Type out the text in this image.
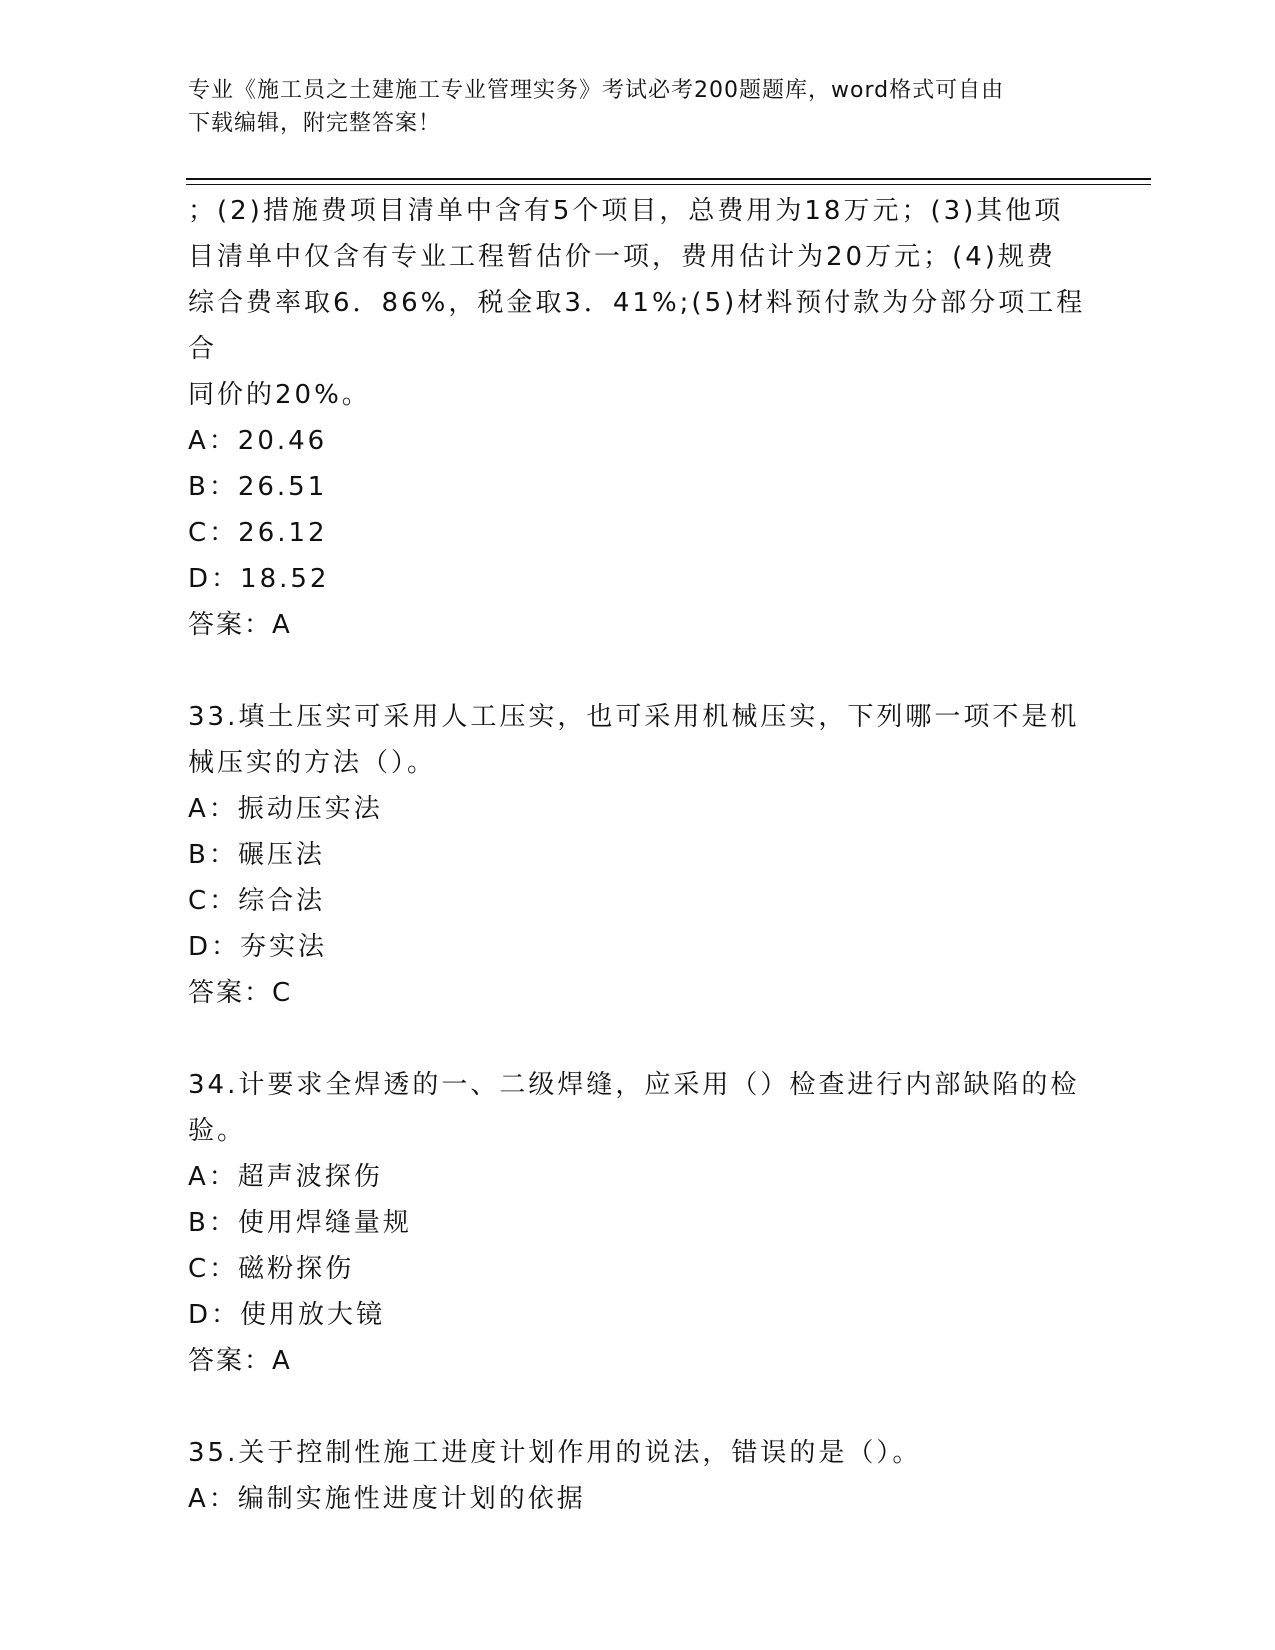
专业《施工员之土建施工专业管理实务》考试必考200题题库，word格式可自由
下载编辑，附完整答案！
；(2)措施费项目清单中含有5个项目，总费用为18万元；(3)其他项
目清单中仅含有专业工程暂估价一项，费用估计为20万元；(4)规费
综合费率取6．86%，税金取3．41%;(5)材料预付款为分部分项工程合
同价的20%。
A：20.46
B：26.51
C：26.12
D：18.52
答案：A
33.填土压实可采用人工压实，也可采用机械压实，下列哪一项不是机
械压实的方法（）。
A：振动压实法
B：碾压法
C：综合法
D：夯实法
答案：C
34.计要求全焊透的一、二级焊缝，应采用（）检查进行内部缺陷的检
验。
A：超声波探伤
B：使用焊缝量规
C：磁粉探伤
D：使用放大镜
答案：A
35.关于控制性施工进度计划作用的说法，错误的是（）。
A：编制实施性进度计划的依据
